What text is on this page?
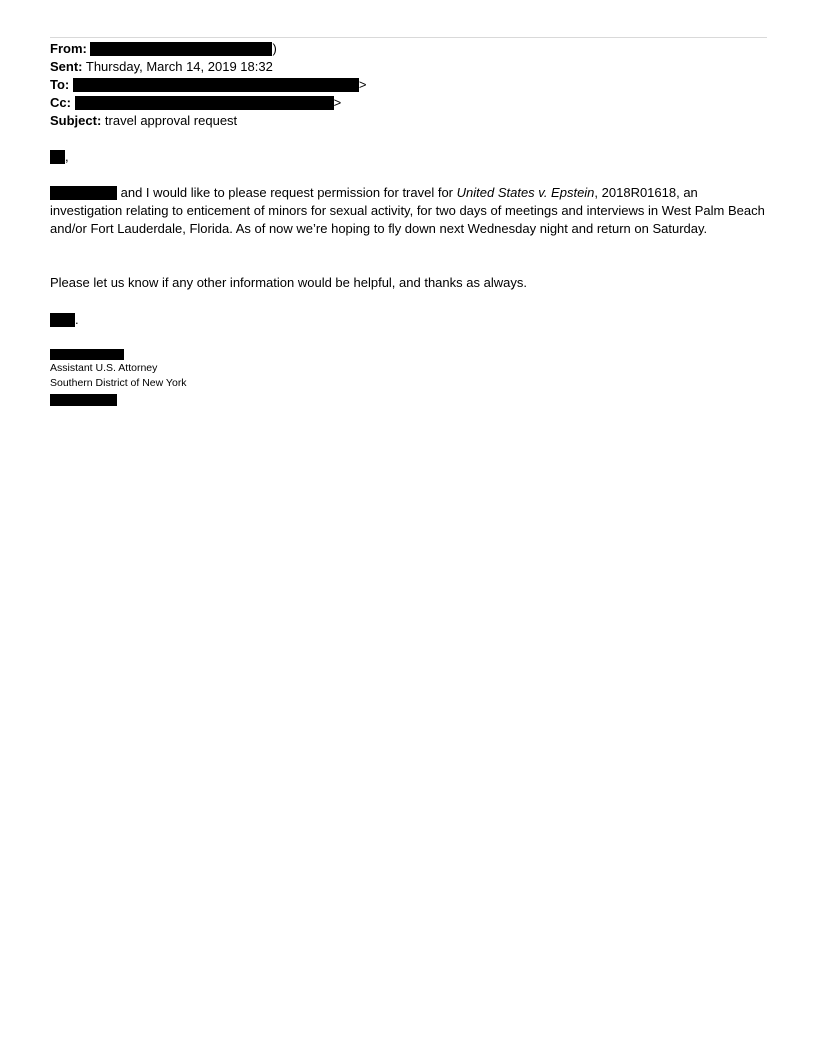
From:	)
Sent: Thursday, March 14, 2019 18:32
To:	>
Cc:	>
Subject: travel approval request
,
and I would like to please request permission for travel for United States v. Epstein, 2018R01618, an investigation relating to enticement of minors for sexual activity, for two days of meetings and interviews in West Palm Beach and/or Fort Lauderdale, Florida. As of now we’re hoping to fly down next Wednesday night and return on Saturday.
Please let us know if any other information would be helpful, and thanks as always.
.
Assistant U.S. Attorney
Southern District of New York
